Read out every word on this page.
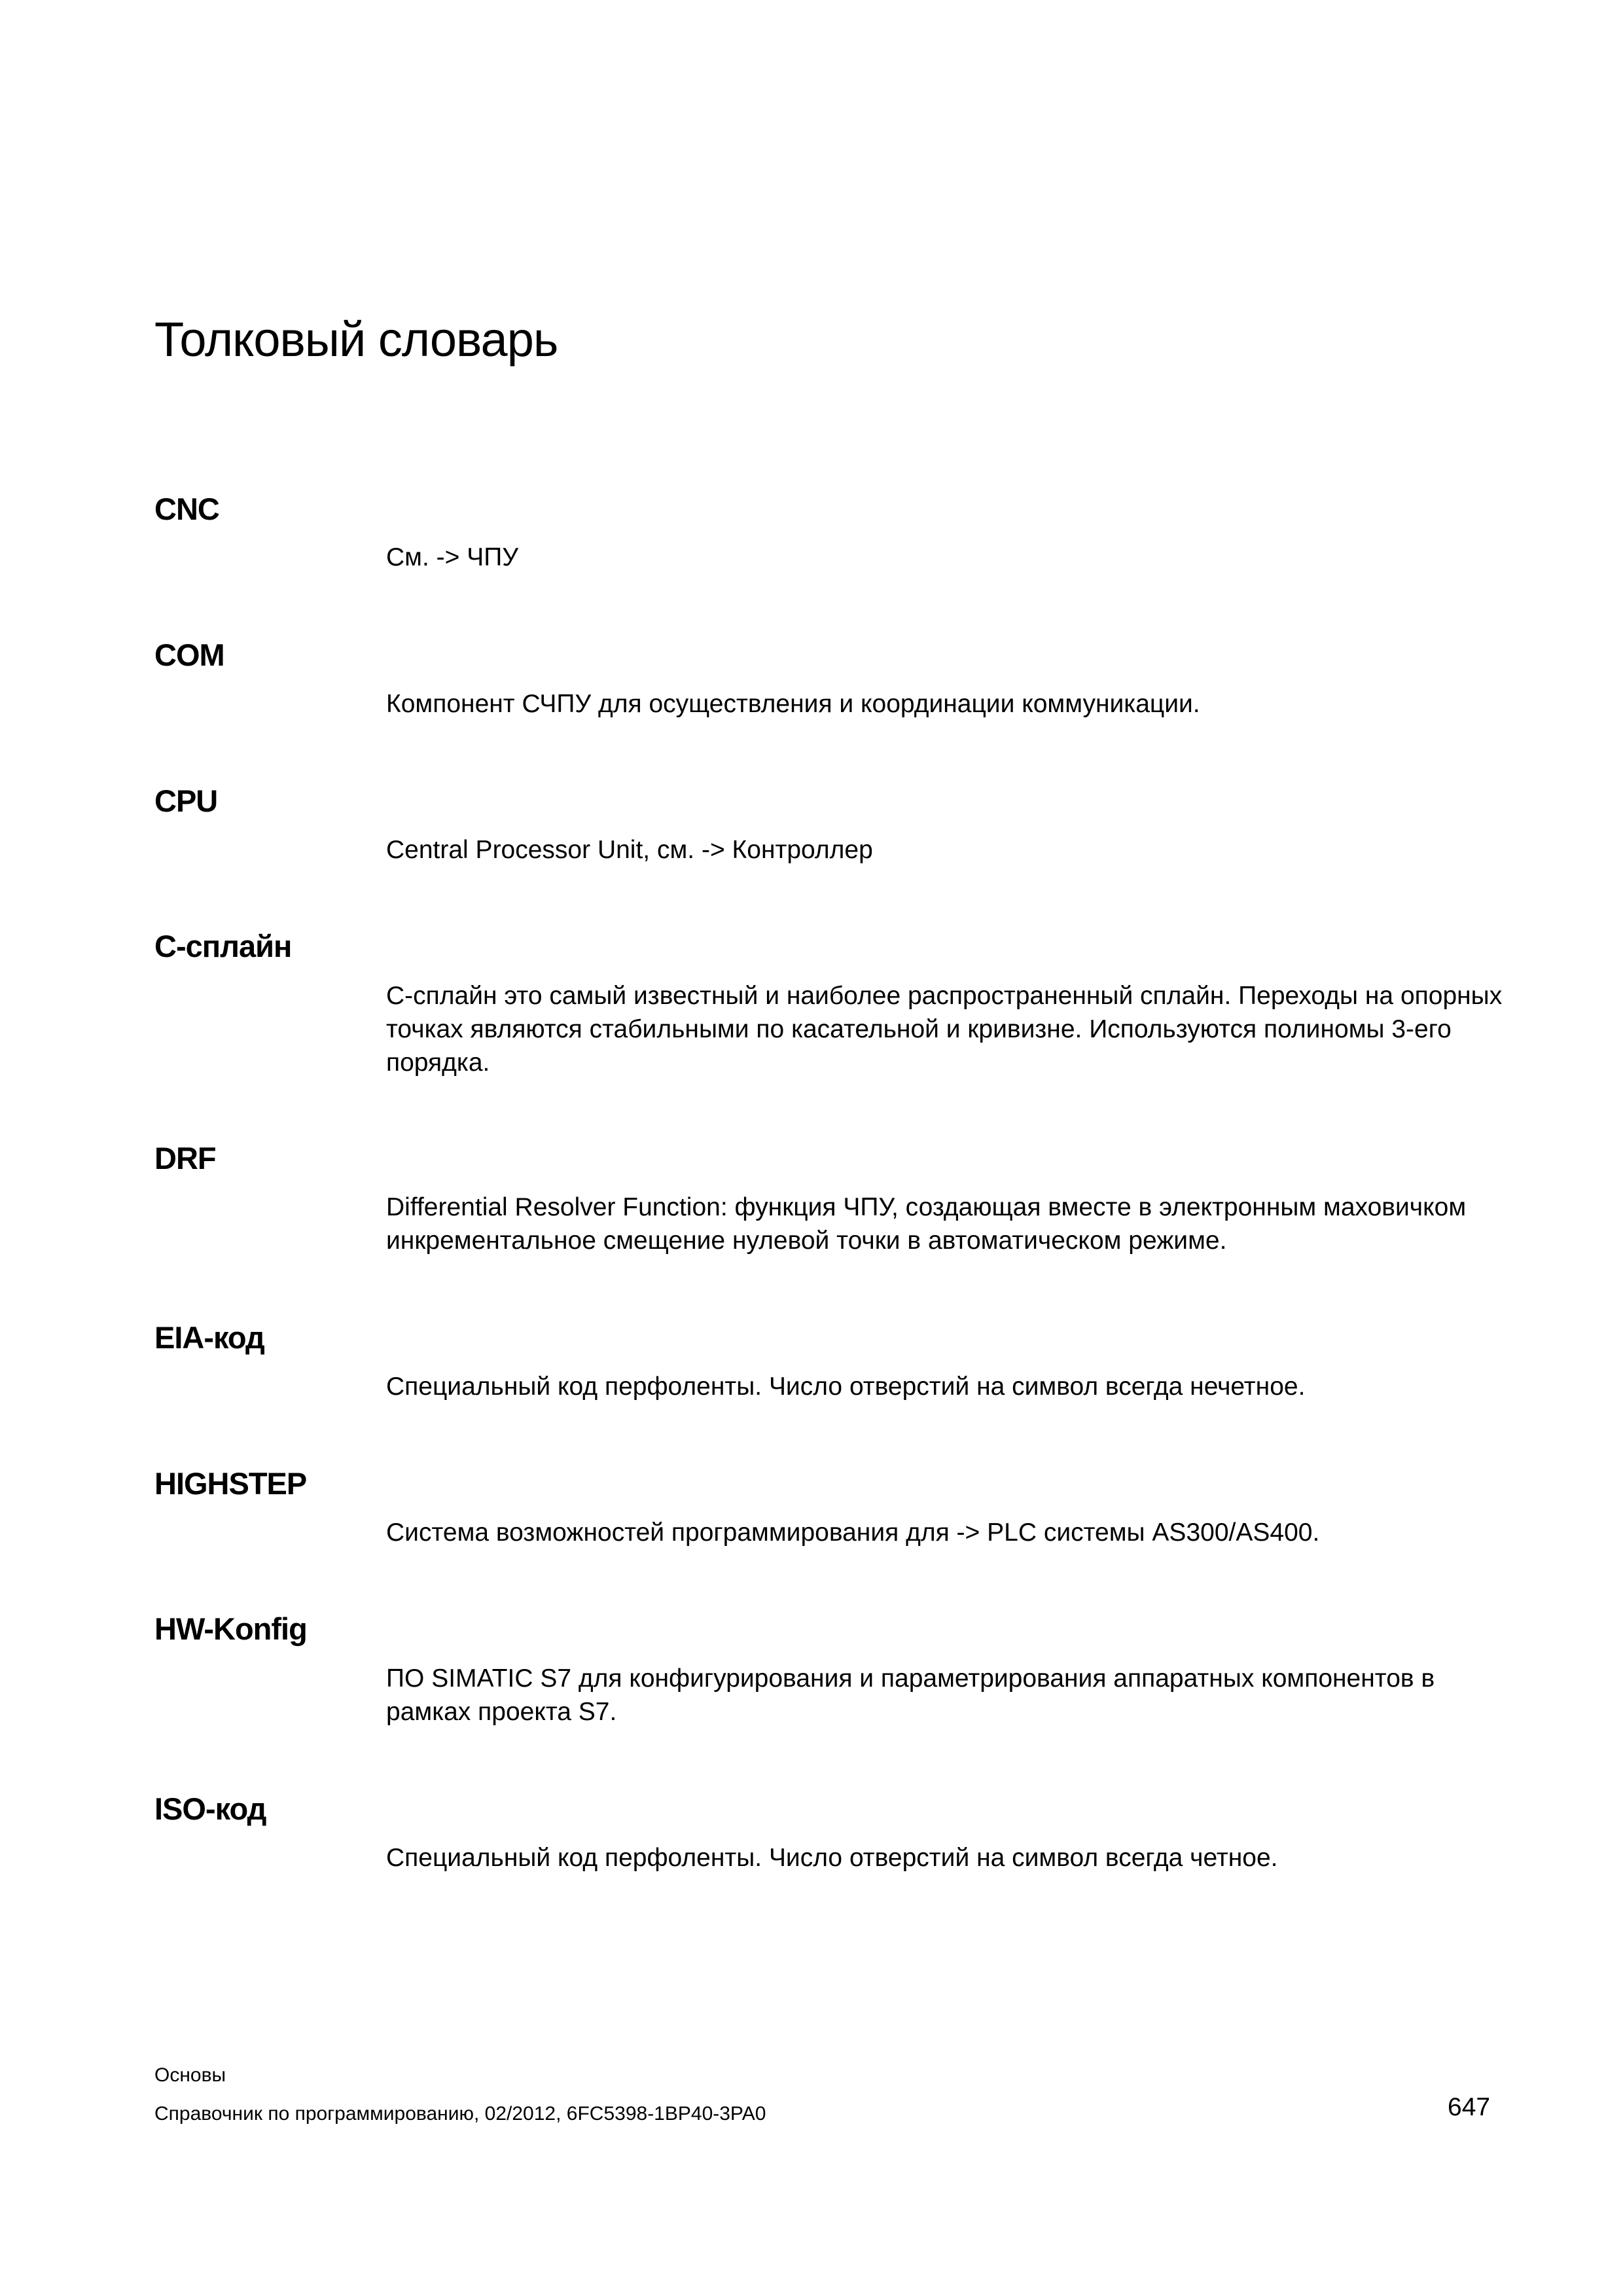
Толковый словарь
CNC

См. -> ЧПУ

COM

Компонент СЧПУ для осуществления и координации коммуникации.

CPU

Central Processor Unit, см. -> Контроллер

C-сплайн

C-сплайн это самый известный и наиболее распространенный сплайн. Переходы на опорных точках являются стабильными по касательной и кривизне. Используются полиномы 3-его порядка.

DRF

Differential Resolver Function: функция ЧПУ, создающая вместе в электронным маховичком инкрементальное смещение нулевой точки в автоматическом режиме.

EIA-код

Специальный код перфоленты. Число отверстий на символ всегда нечетное.

HIGHSTEP

Система возможностей программирования для -> PLC системы AS300/AS400.

HW-Konfig

ПО SIMATIC S7 для конфигурирования и параметрирования аппаратных компонентов в рамках проекта S7.

ISO-код

Специальный код перфоленты. Число отверстий на символ всегда четное.

Основы
Справочник по программированию, 02/2012, 6FC5398-1BP40-3PA0	647
